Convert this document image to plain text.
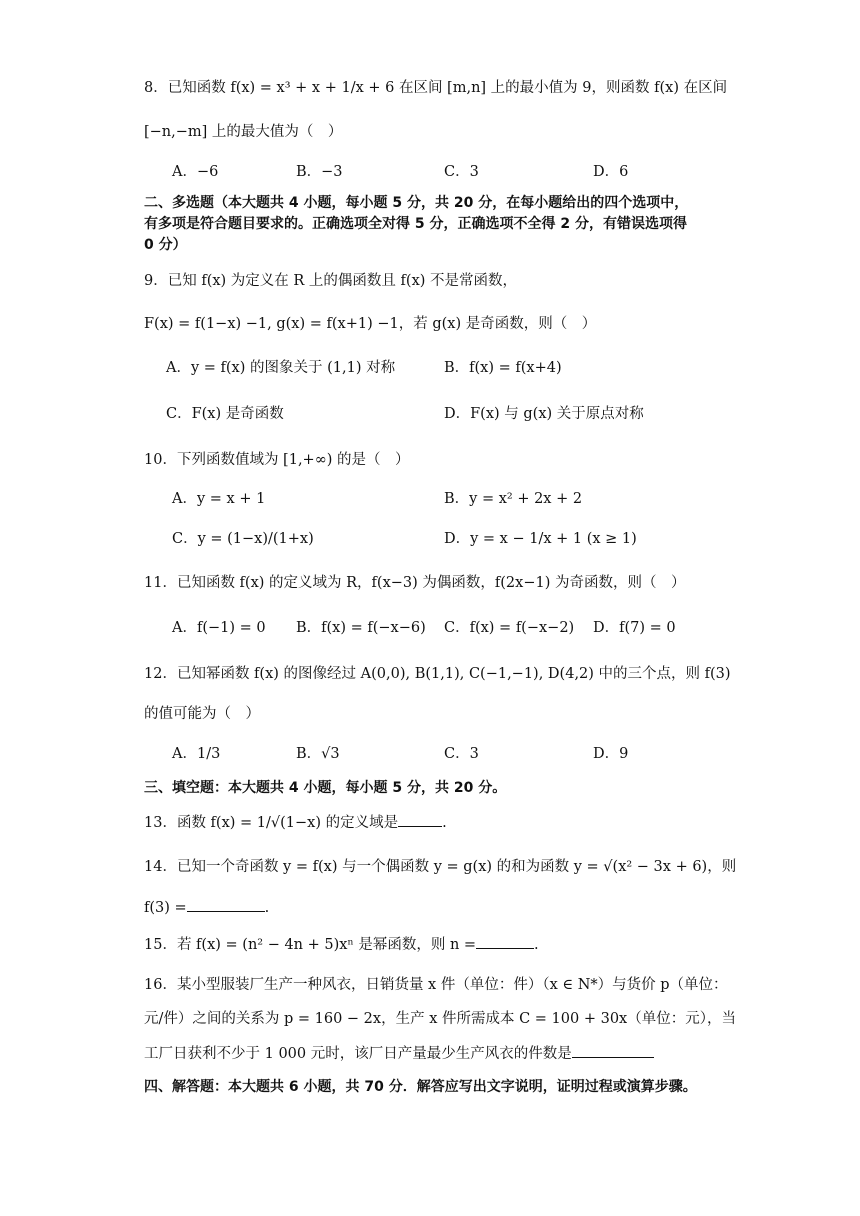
8．已知函数 f(x) = x³ + x + 1/x + 6 在区间 [m,n] 上的最小值为 9，则函数 f(x) 在区间
[−n,−m] 上的最大值为（　）
A．−6	B．−3	C．3	D．6
二、多选题（本大题共 4 小题，每小题 5 分，共 20 分，在每小题给出的四个选项中，
有多项是符合题目要求的。正确选项全对得 5 分，正确选项不全得 2 分，有错误选项得
0 分）
9．已知 f(x) 为定义在 R 上的偶函数且 f(x) 不是常函数，
F(x) = f(1−x) −1, g(x) = f(x+1) −1，若 g(x) 是奇函数，则（　）
A．y = f(x) 的图象关于 (1,1) 对称	B．f(x) = f(x+4)
C．F(x) 是奇函数	D．F(x) 与 g(x) 关于原点对称
10．下列函数值域为 [1,+∞) 的是（　）
A．y = x + 1	B．y = x² + 2x + 2
C．y = (1−x)/(1+x)	D．y = x − 1/x + 1 (x ≥ 1)
11．已知函数 f(x) 的定义域为 R，f(x−3) 为偶函数，f(2x−1) 为奇函数，则（　）
A．f(−1) = 0 B．f(x) = f(−x−6) C．f(x) = f(−x−2) D．f(7) = 0
12．已知幂函数 f(x) 的图像经过 A(0,0), B(1,1), C(−1,−1), D(4,2) 中的三个点，则 f(3)
的值可能为（　）
A．1/3	B．√3	C．3	D．9
三、填空题：本大题共 4 小题，每小题 5 分，共 20 分。
13．函数 f(x) = 1/√(1−x) 的定义域是	.
14．已知一个奇函数 y = f(x) 与一个偶函数 y = g(x) 的和为函数 y = √(x² − 3x + 6)，则
f(3) =	.
15．若 f(x) = (n² − 4n + 5)xⁿ 是幂函数，则 n =	.
16．某小型服装厂生产一种风衣，日销货量 x 件（单位：件）（x ∈ N*）与货价 p（单位：
元/件）之间的关系为 p = 160 − 2x，生产 x 件所需成本 C = 100 + 30x（单位：元），当
工厂日获利不少于 1 000 元时，该厂日产量最少生产风衣的件数是
四、解答题：本大题共 6 小题，共 70 分．解答应写出文字说明，证明过程或演算步骤。
